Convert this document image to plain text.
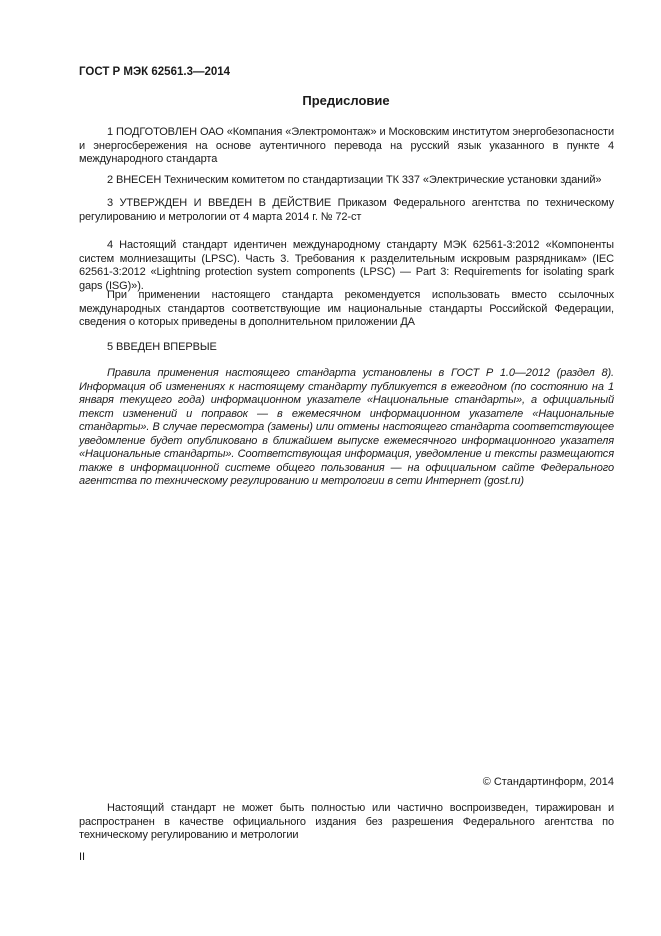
ГОСТ Р МЭК 62561.3—2014
Предисловие
1 ПОДГОТОВЛЕН ОАО «Компания «Электромонтаж» и Московским институтом энергобезопасности и энергосбережения на основе аутентичного перевода на русский язык указанного в пункте 4 международного стандарта
2 ВНЕСЕН Техническим комитетом по стандартизации ТК 337 «Электрические установки зданий»
3 УТВЕРЖДЕН И ВВЕДЕН В ДЕЙСТВИЕ Приказом Федерального агентства по техническому регулированию и метрологии от 4 марта 2014 г. № 72-ст
4 Настоящий стандарт идентичен международному стандарту МЭК 62561-3:2012 «Компоненты систем молниезащиты (LPSC). Часть 3. Требования к разделительным искровым разрядникам» (IEC 62561-3:2012 «Lightning protection system components (LPSC) — Part 3: Requirements for isolating spark gaps (ISG)»).
При применении настоящего стандарта рекомендуется использовать вместо ссылочных международных стандартов соответствующие им национальные стандарты Российской Федерации, сведения о которых приведены в дополнительном приложении ДА
5 ВВЕДЕН ВПЕРВЫЕ
Правила применения настоящего стандарта установлены в ГОСТ Р 1.0—2012 (раздел 8). Информация об изменениях к настоящему стандарту публикуется в ежегодном (по состоянию на 1 января текущего года) информационном указателе «Национальные стандарты», а официальный текст изменений и поправок — в ежемесячном информационном указателе «Национальные стандарты». В случае пересмотра (замены) или отмены настоящего стандарта соответствующее уведомление будет опубликовано в ближайшем выпуске ежемесячного информационного указателя «Национальные стандарты». Соответствующая информация, уведомление и тексты размещаются также в информационной системе общего пользования — на официальном сайте Федерального агентства по техническому регулированию и метрологии в сети Интернет (gost.ru)
© Стандартинформ, 2014
Настоящий стандарт не может быть полностью или частично воспроизведен, тиражирован и распространен в качестве официального издания без разрешения Федерального агентства по техническому регулированию и метрологии
II
